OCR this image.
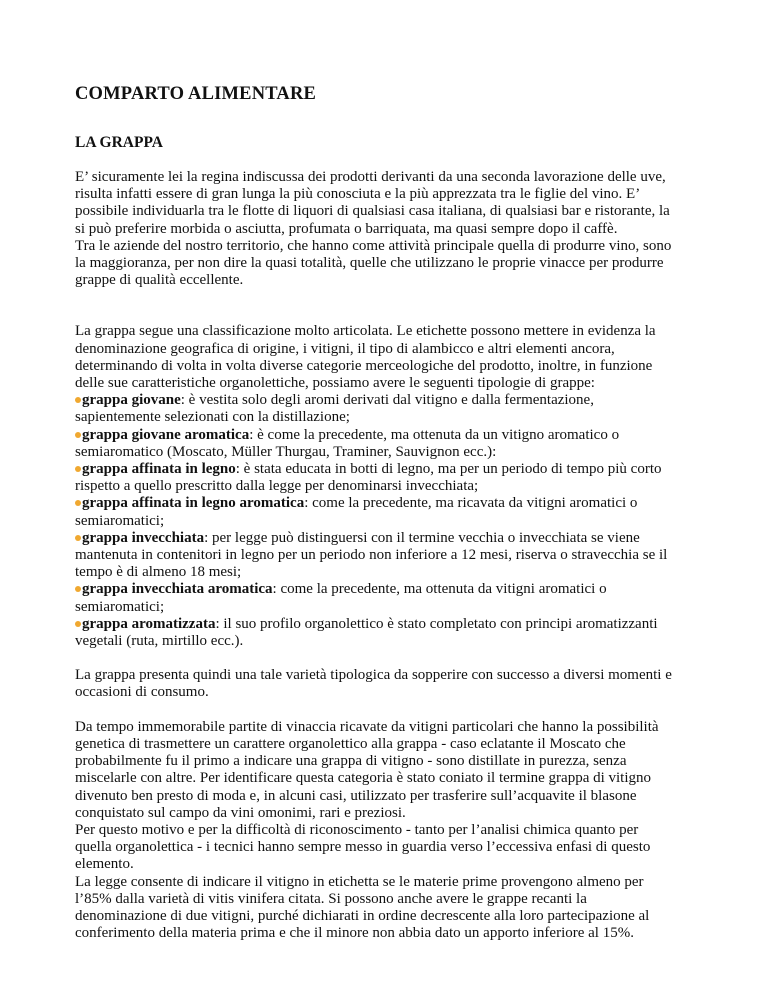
COMPARTO ALIMENTARE
LA GRAPPA

E’ sicuramente lei la regina indiscussa dei prodotti derivanti da una seconda lavorazione delle uve,
risulta infatti essere di gran lunga la più conosciuta e la più apprezzata tra le figlie del vino. E’
possibile individuarla tra le flotte di liquori di qualsiasi casa italiana, di qualsiasi bar e ristorante, la
si può preferire morbida o asciutta, profumata o barriquata, ma quasi sempre dopo il caffè.
Tra le aziende del nostro territorio, che hanno come attività principale quella di produrre vino, sono
la maggioranza, per non dire la quasi totalità, quelle che utilizzano le proprie vinacce per produrre
grappe di qualità eccellente.

La grappa segue una classificazione molto articolata. Le etichette possono mettere in evidenza la
denominazione geografica di origine, i vitigni, il tipo di alambicco e altri elementi ancora,
determinando di volta in volta diverse categorie merceologiche del prodotto, inoltre, in funzione
delle sue caratteristiche organolettiche, possiamo avere le seguenti tipologie di grappe:
grappa giovane: è vestita solo degli aromi derivati dal vitigno e dalla fermentazione,
sapientemente selezionati con la distillazione;
grappa giovane aromatica: è come la precedente, ma ottenuta da un vitigno aromatico o
semiaromatico (Moscato, Müller Thurgau, Traminer, Sauvignon ecc.):
grappa affinata in legno: è stata educata in botti di legno, ma per un periodo di tempo più corto
rispetto a quello prescritto dalla legge per denominarsi invecchiata;
grappa affinata in legno aromatica: come la precedente, ma ricavata da vitigni aromatici o
semiaromatici;
grappa invecchiata: per legge può distinguersi con il termine vecchia o invecchiata se viene
mantenuta in contenitori in legno per un periodo non inferiore a 12 mesi, riserva o stravecchia se il
tempo è di almeno 18 mesi;
grappa invecchiata aromatica: come la precedente, ma ottenuta da vitigni aromatici o
semiaromatici;
grappa aromatizzata: il suo profilo organolettico è stato completato con principi aromatizzanti
vegetali (ruta, mirtillo ecc.).

La grappa presenta quindi una tale varietà tipologica da sopperire con successo a diversi momenti e
occasioni di consumo.

Da tempo immemorabile partite di vinaccia ricavate da vitigni particolari che hanno la possibilità
genetica di trasmettere un carattere organolettico alla grappa - caso eclatante il Moscato che
probabilmente fu il primo a indicare una grappa di vitigno - sono distillate in purezza, senza
miscelarle con altre. Per identificare questa categoria è stato coniato il termine grappa di vitigno
divenuto ben presto di moda e, in alcuni casi, utilizzato per trasferire sull’acquavite il blasone
conquistato sul campo da vini omonimi, rari e preziosi.
Per questo motivo e per la difficoltà di riconoscimento - tanto per l’analisi chimica quanto per
quella organolettica - i tecnici hanno sempre messo in guardia verso l’eccessiva enfasi di questo
elemento.
La legge consente di indicare il vitigno in etichetta se le materie prime provengono almeno per
l’85% dalla varietà di vitis vinifera citata. Si possono anche avere le grappe recanti la
denominazione di due vitigni, purché dichiarati in ordine decrescente alla loro partecipazione al
conferimento della materia prima e che il minore non abbia dato un apporto inferiore al 15%.
